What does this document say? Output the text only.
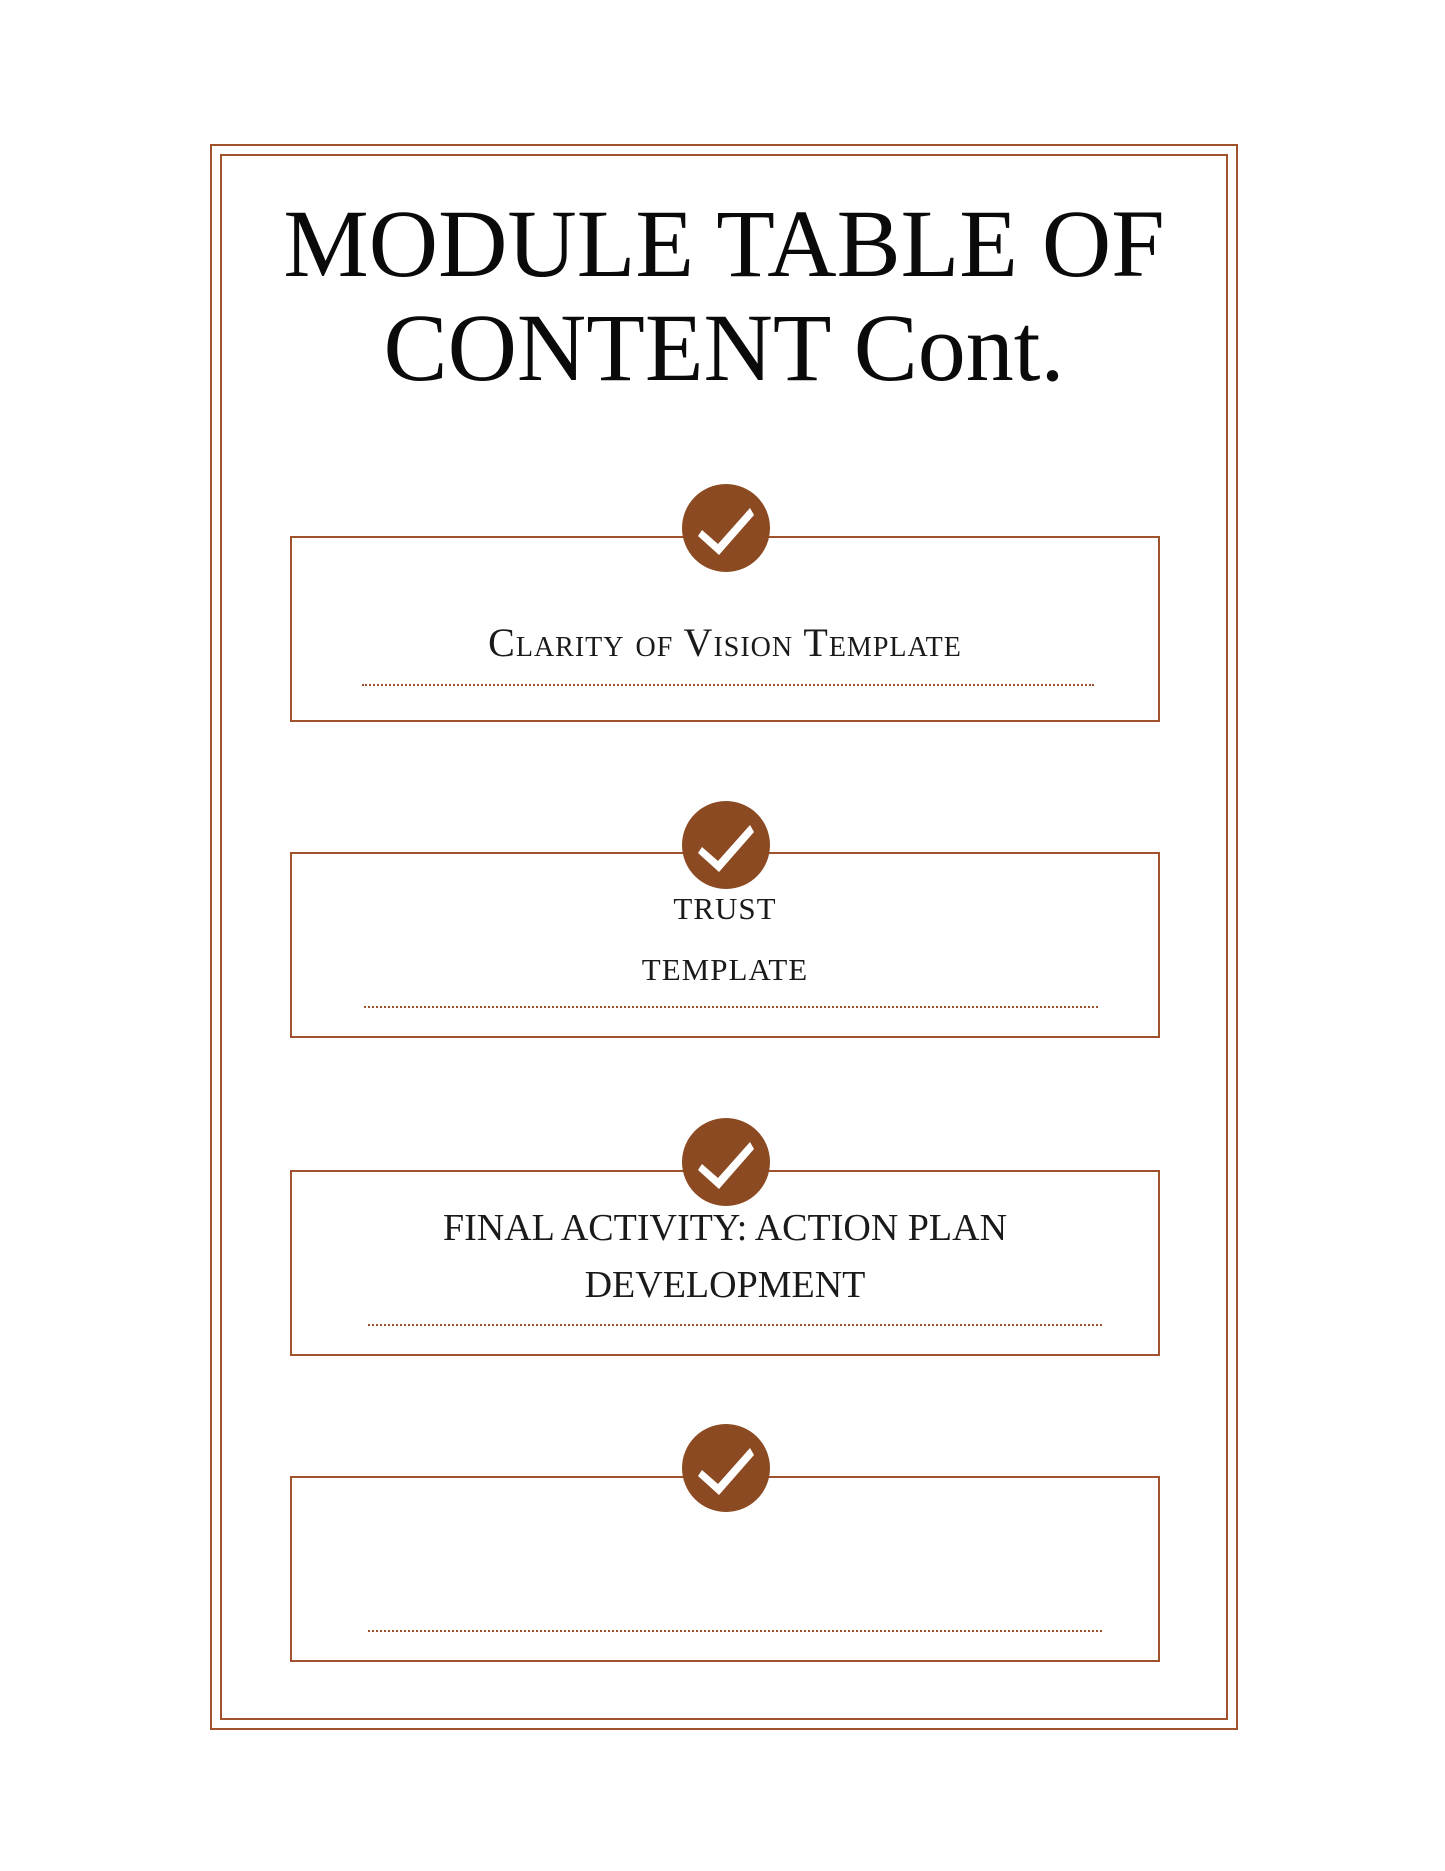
MODULE TABLE OF
CONTENT Cont.
Clarity of Vision Template
TRUST
TEMPLATE
FINAL ACTIVITY: ACTION PLAN
DEVELOPMENT
